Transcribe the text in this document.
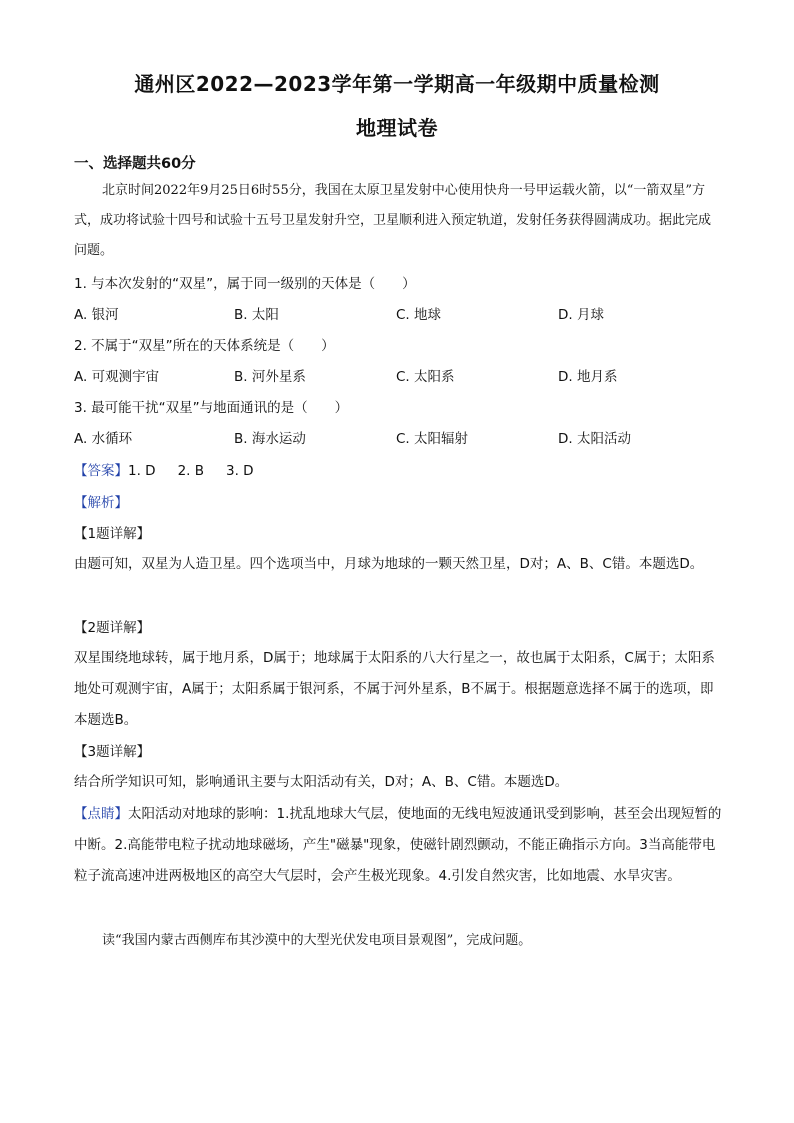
通州区2022—2023学年第一学期高一年级期中质量检测
地理试卷
一、选择题共60分
北京时间2022年9月25日6时55分，我国在太原卫星发射中心使用快舟一号甲运载火箭，以“一箭双星”方式，成功将试验十四号和试验十五号卫星发射升空，卫星顺利进入预定轨道，发射任务获得圆满成功。据此完成问题。
1. 与本次发射的“双星”，属于同一级别的天体是（　　）
A. 银河	B. 太阳	C. 地球	D. 月球
2. 不属于“双星”所在的天体系统是（　　）
A. 可观测宇宙	B. 河外星系	C. 太阳系	D. 地月系
3. 最可能干扰“双星”与地面通讯的是（　　）
A. 水循环	B. 海水运动	C. 太阳辐射	D. 太阳活动
【答案】1. D 2. B 3. D
【解析】
【1题详解】
由题可知，双星为人造卫星。四个选项当中，月球为地球的一颗天然卫星，D对；A、B、C错。本题选D。
【2题详解】
双星围绕地球转，属于地月系，D属于；地球属于太阳系的八大行星之一，故也属于太阳系，C属于；太阳系地处可观测宇宙，A属于；太阳系属于银河系，不属于河外星系，B不属于。根据题意选择不属于的选项，即本题选B。
【3题详解】
结合所学知识可知，影响通讯主要与太阳活动有关，D对；A、B、C错。本题选D。
【点睛】太阳活动对地球的影响：1.扰乱地球大气层，使地面的无线电短波通讯受到影响，甚至会出现短暂的中断。2.高能带电粒子扰动地球磁场，产生"磁暴"现象，使磁针剧烈颤动，不能正确指示方向。3当高能带电粒子流高速冲进两极地区的高空大气层时，会产生极光现象。4.引发自然灾害，比如地震、水旱灾害。
读“我国内蒙古西侧库布其沙漠中的大型光伏发电项目景观图”，完成问题。
